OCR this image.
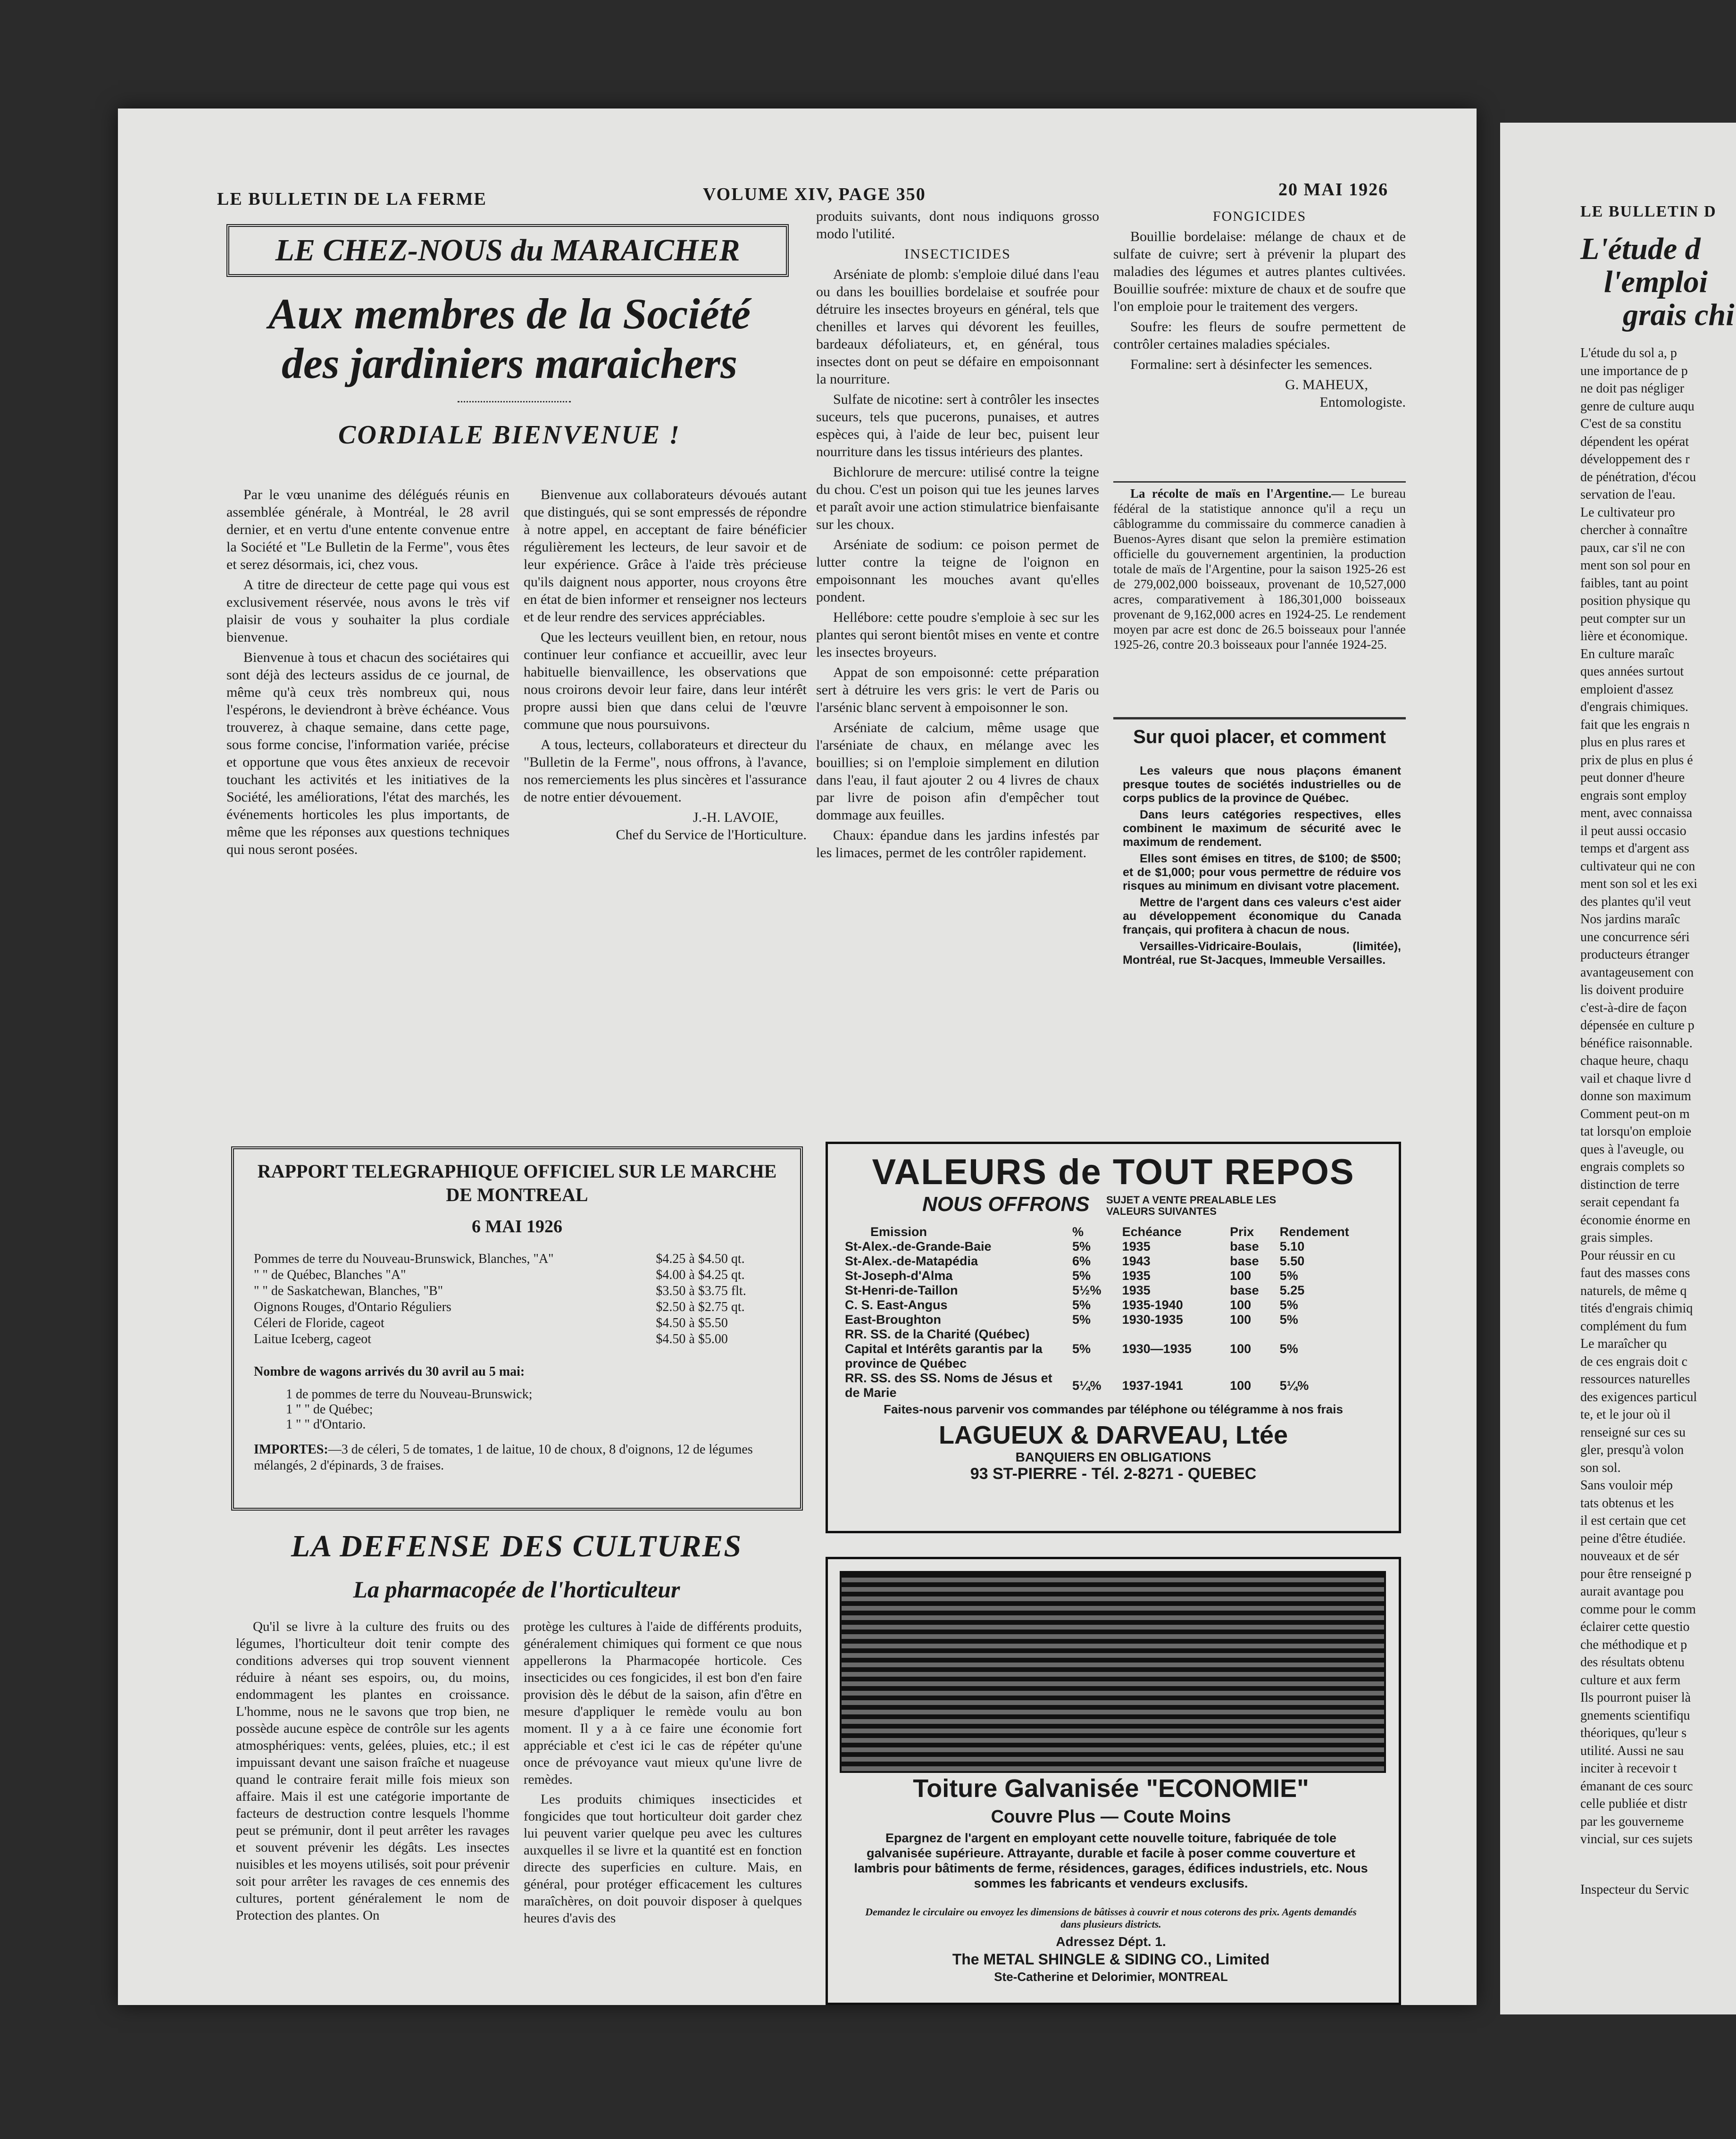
LE BULLETIN DE LA FERME	VOLUME XIV, PAGE 350	20 MAI 1926
LE CHEZ-NOUS du MARAICHER
Aux membres de la Société
des jardiniers maraichers
CORDIALE BIENVENUE !

Par le vœu unanime des délégués réunis en assemblée générale, à Montréal, le 28 avril dernier, et en vertu d'une entente convenue entre la Société et "Le Bulletin de la Ferme", vous êtes et serez désormais, ici, chez vous.

A titre de directeur de cette page qui vous est exclusivement réservée, nous avons le très vif plaisir de vous y souhaiter la plus cordiale bienvenue.

Bienvenue à tous et chacun des sociétaires qui sont déjà des lecteurs assidus de ce journal, de même qu'à ceux très nombreux qui, nous l'espérons, le deviendront à brève échéance. Vous trouverez, à chaque semaine, dans cette page, sous forme concise, l'information variée, précise et opportune que vous êtes anxieux de recevoir touchant les activités et les initiatives de la Société, les améliorations, l'état des marchés, les événements horticoles les plus importants, de même que les réponses aux questions techniques qui nous seront posées.

Bienvenue aux collaborateurs dévoués autant que distingués, qui se sont empressés de répondre à notre appel, en acceptant de faire bénéficier régulièrement les lecteurs, de leur savoir et de leur expérience. Grâce à l'aide très précieuse qu'ils daignent nous apporter, nous croyons être en état de bien informer et renseigner nos lecteurs et de leur rendre des services appréciables.

Que les lecteurs veuillent bien, en retour, nous continuer leur confiance et accueillir, avec leur habituelle bienvaillence, les observations que nous croirons devoir leur faire, dans leur intérêt propre aussi bien que dans celui de l'œuvre commune que nous poursuivons.

A tous, lecteurs, collaborateurs et directeur du "Bulletin de la Ferme", nous offrons, à l'avance, nos remerciements les plus sincères et l'assurance de notre entier dévouement.

J.-H. LAVOIE,
Chef du Service de l'Horticulture.

produits suivants, dont nous indiquons grosso modo l'utilité.

INSECTICIDES

Arséniate de plomb: s'emploie dilué dans l'eau ou dans les bouillies bordelaise et soufrée pour détruire les insectes broyeurs en général, tels que chenilles et larves qui dévorent les feuilles, bardeaux défoliateurs, et, en général, tous insectes dont on peut se défaire en empoisonnant la nourriture.

Sulfate de nicotine: sert à contrôler les insectes suceurs, tels que pucerons, punaises, et autres espèces qui, à l'aide de leur bec, puisent leur nourriture dans les tissus intérieurs des plantes.

Bichlorure de mercure: utilisé contre la teigne du chou. C'est un poison qui tue les jeunes larves et paraît avoir une action stimulatrice bienfaisante sur les choux.

Arséniate de sodium: ce poison permet de lutter contre la teigne de l'oignon en empoisonnant les mouches avant qu'elles pondent.

Hellébore: cette poudre s'emploie à sec sur les plantes qui seront bientôt mises en vente et contre les insectes broyeurs.

Appat de son empoisonné: cette préparation sert à détruire les vers gris: le vert de Paris ou l'arsénic blanc servent à empoisonner le son.

Arséniate de calcium, même usage que l'arséniate de chaux, en mélange avec les bouillies; si on l'emploie simplement en dilution dans l'eau, il faut ajouter 2 ou 4 livres de chaux par livre de poison afin d'empêcher tout dommage aux feuilles.

Chaux: épandue dans les jardins infestés par les limaces, permet de les contrôler rapidement.

FONGICIDES

Bouillie bordelaise: mélange de chaux et de sulfate de cuivre; sert à prévenir la plupart des maladies des légumes et autres plantes cultivées. Bouillie soufrée: mixture de chaux et de soufre que l'on emploie pour le traitement des vergers.

Soufre: les fleurs de soufre permettent de contrôler certaines maladies spéciales.

Formaline: sert à désinfecter les semences.

G. MAHEUX,
Entomologiste.

La récolte de maïs en l'Argentine.— Le bureau fédéral de la statistique annonce qu'il a reçu un câblogramme du commissaire du commerce canadien à Buenos-Ayres disant que selon la première estimation officielle du gouvernement argentinien, la production totale de maïs de l'Argentine, pour la saison 1925-26 est de 279,002,000 boisseaux, provenant de 10,527,000 acres, comparativement à 186,301,000 boisseaux provenant de 9,162,000 acres en 1924-25. Le rendement moyen par acre est donc de 26.5 boisseaux pour l'année 1925-26, contre 20.3 boisseaux pour l'année 1924-25.

Sur quoi placer, et comment

Les valeurs que nous plaçons émanent presque toutes de sociétés industrielles ou de corps publics de la province de Québec.

Dans leurs catégories respectives, elles combinent le maximum de sécurité avec le maximum de rendement.

Elles sont émises en titres, de $100; de $500; et de $1,000; pour vous permettre de réduire vos risques au minimum en divisant votre placement.

Mettre de l'argent dans ces valeurs c'est aider au développement économique du Canada français, qui profitera à chacun de nous.

Versailles-Vidricaire-Boulais, (limitée), Montréal, rue St-Jacques, Immeuble Versailles.

RAPPORT TELEGRAPHIQUE OFFICIEL SUR LE MARCHE DE MONTREAL
6 MAI 1926
Pommes de terre du Nouveau-Brunswick, Blanches, "A"	$4.25 à $4.50 qt.
" " de Québec, Blanches "A"	$4.00 à $4.25 qt.
" " de Saskatchewan, Blanches, "B"	$3.50 à $3.75 flt.
Oignons Rouges, d'Ontario Réguliers	$2.50 à $2.75 qt.
Céleri de Floride, cageot	$4.50 à $5.50
Laitue Iceberg, cageot	$4.50 à $5.00
Nombre de wagons arrivés du 30 avril au 5 mai:
1 de pommes de terre du Nouveau-Brunswick;
1 " " de Québec;
1 " " d'Ontario.
IMPORTES:—3 de céleri, 5 de tomates, 1 de laitue, 10 de choux, 8 d'oignons, 12 de légumes mélangés, 2 d'épinards, 3 de fraises.
VALEURS de TOUT REPOS
NOUS OFFRONS SUJET A VENTE PREALABLE LES VALEURS SUIVANTES
Emission	%	Echéance	Prix	Rendement
St-Alex.-de-Grande-Baie	5%	1935	base	5.10
St-Alex.-de-Matapédia	6%	1943	base	5.50
St-Joseph-d'Alma	5%	1935	100	5%
St-Henri-de-Taillon	5½%	1935	base	5.25
C. S. East-Angus	5%	1935-1940	100	5%
East-Broughton	5%	1930-1935	100	5%
RR. SS. de la Charité (Québec) Capital et Intérêts garantis par la province de Québec	5%	1930—1935	100	5%
RR. SS. des SS. Noms de Jésus et de Marie	5¼%	1937-1941	100	5¼%
Faites-nous parvenir vos commandes par téléphone ou télégramme à nos frais
LAGUEUX & DARVEAU, Ltée
BANQUIERS EN OBLIGATIONS
93 ST-PIERRE - Tél. 2-8271 - QUEBEC
LA DEFENSE DES CULTURES
La pharmacopée de l'horticulteur

Qu'il se livre à la culture des fruits ou des légumes, l'horticulteur doit tenir compte des conditions adverses qui trop souvent viennent réduire à néant ses espoirs, ou, du moins, endommagent les plantes en croissance. L'homme, nous ne le savons que trop bien, ne possède aucune espèce de contrôle sur les agents atmosphériques: vents, gelées, pluies, etc.; il est impuissant devant une saison fraîche et nuageuse quand le contraire ferait mille fois mieux son affaire. Mais il est une catégorie importante de facteurs de destruction contre lesquels l'homme peut se prémunir, dont il peut arrêter les ravages et souvent prévenir les dégâts. Les insectes nuisibles et les moyens utilisés, soit pour prévenir soit pour arrêter les ravages de ces ennemis des cultures, portent généralement le nom de Protection des plantes. On

protège les cultures à l'aide de différents produits, généralement chimiques qui forment ce que nous appellerons la Pharmacopée horticole. Ces insecticides ou ces fongicides, il est bon d'en faire provision dès le début de la saison, afin d'être en mesure d'appliquer le remède voulu au bon moment. Il y a à ce faire une économie fort appréciable et c'est ici le cas de répéter qu'une once de prévoyance vaut mieux qu'une livre de remèdes.

Les produits chimiques insecticides et fongicides que tout horticulteur doit garder chez lui peuvent varier quelque peu avec les cultures auxquelles il se livre et la quantité est en fonction directe des superficies en culture. Mais, en général, pour protéger efficacement les cultures maraîchères, on doit pouvoir disposer à quelques heures d'avis des

Toiture Galvanisée "ECONOMIE"
Couvre Plus — Coute Moins
Epargnez de l'argent en employant cette nouvelle toiture, fabriquée de tole galvanisée supérieure. Attrayante, durable et facile à poser comme couverture et lambris pour bâtiments de ferme, résidences, garages, édifices industriels, etc. Nous sommes les fabricants et vendeurs exclusifs.
Demandez le circulaire ou envoyez les dimensions de bâtisses à couvrir et nous coterons des prix. Agents demandés dans plusieurs districts.
Adressez Dépt. 1.
The METAL SHINGLE & SIDING CO., Limited
Ste-Catherine et Delorimier, MONTREAL
LE BULLETIN D
L'étude d
l'emploi
grais chi
L'étude du sol a, p
une importance de p
ne doit pas négliger
genre de culture auqu
C'est de sa constitu
dépendent les opérat
développement des r
de pénétration, d'écou
servation de l'eau.
Le cultivateur pro
chercher à connaître
paux, car s'il ne con
ment son sol pour en
faibles, tant au point
position physique qu
peut compter sur un
lière et économique.
En culture maraîc
ques années surtout
emploient d'assez
d'engrais chimiques.
fait que les engrais n
plus en plus rares et
prix de plus en plus é
peut donner d'heure
engrais sont employ
ment, avec connaissa
il peut aussi occasio
temps et d'argent ass
cultivateur qui ne con
ment son sol et les exi
des plantes qu'il veut
Nos jardins maraîc
une concurrence séri
producteurs étranger
avantageusement con
lis doivent produire
c'est-à-dire de façon
dépensée en culture p
bénéfice raisonnable.
chaque heure, chaqu
vail et chaque livre d
donne son maximum
Comment peut-on m
tat lorsqu'on emploie
ques à l'aveugle, ou
engrais complets so
distinction de terre
serait cependant fa
économie énorme en
grais simples.
Pour réussir en cu
faut des masses cons
naturels, de même q
tités d'engrais chimiq
complément du fum
Le maraîcher qu
de ces engrais doit c
ressources naturelles
des exigences particul
te, et le jour où il
renseigné sur ces su
gler, presqu'à volon
son sol.
Sans vouloir mép
tats obtenus et les
il est certain que cet
peine d'être étudiée.
nouveaux et de sér
pour être renseigné p
aurait avantage pou
comme pour le comm
éclairer cette questio
che méthodique et p
des résultats obtenu
culture et aux ferm
Ils pourront puiser là
gnements scientifiqu
théoriques, qu'leur s
utilité. Aussi ne sau
inciter à recevoir t
émanant de ces sourc
celle publiée et distr
par les gouverneme
vincial, sur ces sujets
Inspecteur du Servic
